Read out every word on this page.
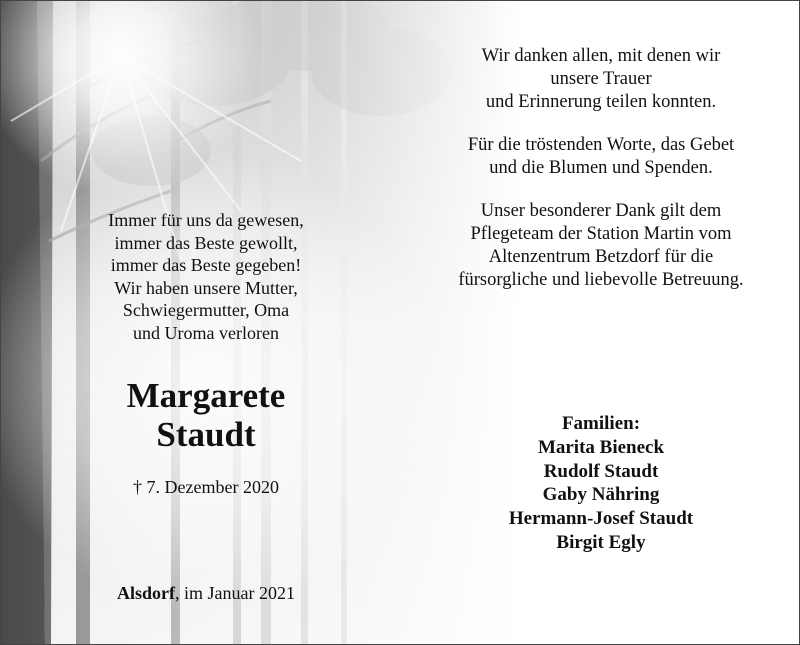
Immer für uns da gewesen,
immer das Beste gewollt,
immer das Beste gegeben!
Wir haben unsere Mutter,
Schwiegermutter, Oma
und Uroma verloren
Margarete
Staudt
† 7. Dezember 2020
Alsdorf, im Januar 2021
Wir danken allen, mit denen wir
unsere Trauer
und Erinnerung teilen konnten.
Für die tröstenden Worte, das Gebet
und die Blumen und Spenden.
Unser besonderer Dank gilt dem
Pflegeteam der Station Martin vom
Altenzentrum Betzdorf für die
fürsorgliche und liebevolle Betreuung.
Familien:
Marita Bieneck
Rudolf Staudt
Gaby Nähring
Hermann-Josef Staudt
Birgit Egly
